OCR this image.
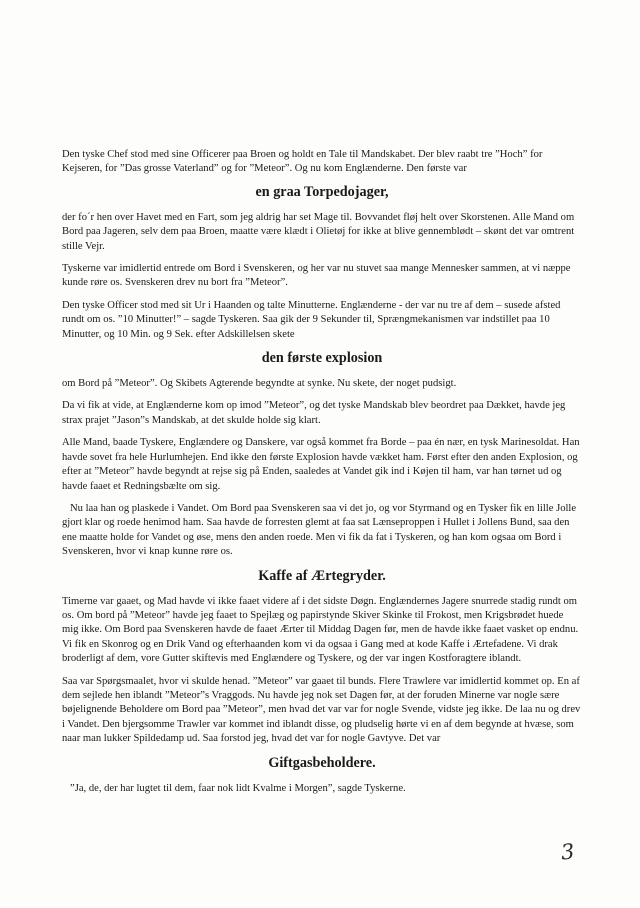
Den tyske Chef stod med sine Officerer paa Broen og holdt en Tale til Mandskabet. Der blev raabt tre ”Hoch” for Kejseren, for ”Das grosse Vaterland” og for ”Meteor”. Og nu kom Englænderne. Den første var

en graa Torpedojager,

der fo´r hen over Havet med en Fart, som jeg aldrig har set Mage til. Bovvandet fløj helt over Skorstenen. Alle Mand om Bord paa Jageren, selv dem paa Broen, maatte være klædt i Olietøj for ikke at blive gennemblødt – skønt det var omtrent stille Vejr.

Tyskerne var imidlertid entrede om Bord i Svenskeren, og her var nu stuvet saa mange Mennesker sammen, at vi næppe kunde røre os. Svenskeren drev nu bort fra ”Meteor”.

Den tyske Officer stod med sit Ur i Haanden og talte Minutterne. Englænderne - der var nu tre af dem – susede afsted rundt om os. ”10 Minutter!” – sagde Tyskeren. Saa gik der 9 Sekunder til, Sprængmekanismen var indstillet paa 10 Minutter, og 10 Min. og 9 Sek. efter Adskillelsen skete

den første explosion

om Bord på ”Meteor”. Og Skibets Agterende begyndte at synke. Nu skete, der noget pudsigt.

Da vi fik at vide, at Englænderne kom op imod ”Meteor”, og det tyske Mandskab blev beordret paa Dækket, havde jeg strax prajet ”Jason”s Mandskab, at det skulde holde sig klart.

Alle Mand, baade Tyskere, Englændere og Danskere, var også kommet fra Borde – paa én nær, en tysk Marinesoldat. Han havde sovet fra hele Hurlumhejen. End ikke den første Explosion havde vækket ham. Først efter den anden Explosion, og efter at ”Meteor” havde begyndt at rejse sig på Enden, saaledes at Vandet gik ind i Køjen til ham, var han tørnet ud og havde faaet et Redningsbælte om sig.

Nu laa han og plaskede i Vandet. Om Bord paa Svenskeren saa vi det jo, og vor Styrmand og en Tysker fik en lille Jolle gjort klar og roede henimod ham. Saa havde de forresten glemt at faa sat Lænseproppen i Hullet i Jollens Bund, saa den ene maatte holde for Vandet og øse, mens den anden roede. Men vi fik da fat i Tyskeren, og han kom ogsaa om Bord i Svenskeren, hvor vi knap kunne røre os.

Kaffe af Ærtegryder.

Timerne var gaaet, og Mad havde vi ikke faaet videre af i det sidste Døgn. Englændernes Jagere snurrede stadig rundt om os. Om bord på ”Meteor” havde jeg faaet to Spejlæg og papirstynde Skiver Skinke til Frokost, men Krigsbrødet huede mig ikke. Om Bord paa Svenskeren havde de faaet Ærter til Middag Dagen før, men de havde ikke faaet vasket op endnu. Vi fik en Skonrog og en Drik Vand og efterhaanden kom vi da ogsaa i Gang med at kode Kaffe i Ærtefadene. Vi drak broderligt af dem, vore Gutter skiftevis med Englændere og Tyskere, og der var ingen Kostforagtere iblandt.

Saa var Spørgsmaalet, hvor vi skulde henad. ”Meteor” var gaaet til bunds. Flere Trawlere var imidlertid kommet op. En af dem sejlede hen iblandt ”Meteor”s Vraggods. Nu havde jeg nok set Dagen før, at der foruden Minerne var nogle sære bøjelignende Beholdere om Bord paa ”Meteor”, men hvad det var var for nogle Svende, vidste jeg ikke. De laa nu og drev i Vandet. Den bjergsomme Trawler var kommet ind iblandt disse, og pludselig hørte vi en af dem begynde at hvæse, som naar man lukker Spildedamp ud. Saa forstod jeg, hvad det var for nogle Gavtyve. Det var

Giftgasbeholdere.

”Ja, de, der har lugtet til dem, faar nok lidt Kvalme i Morgen”, sagde Tyskerne.

3
